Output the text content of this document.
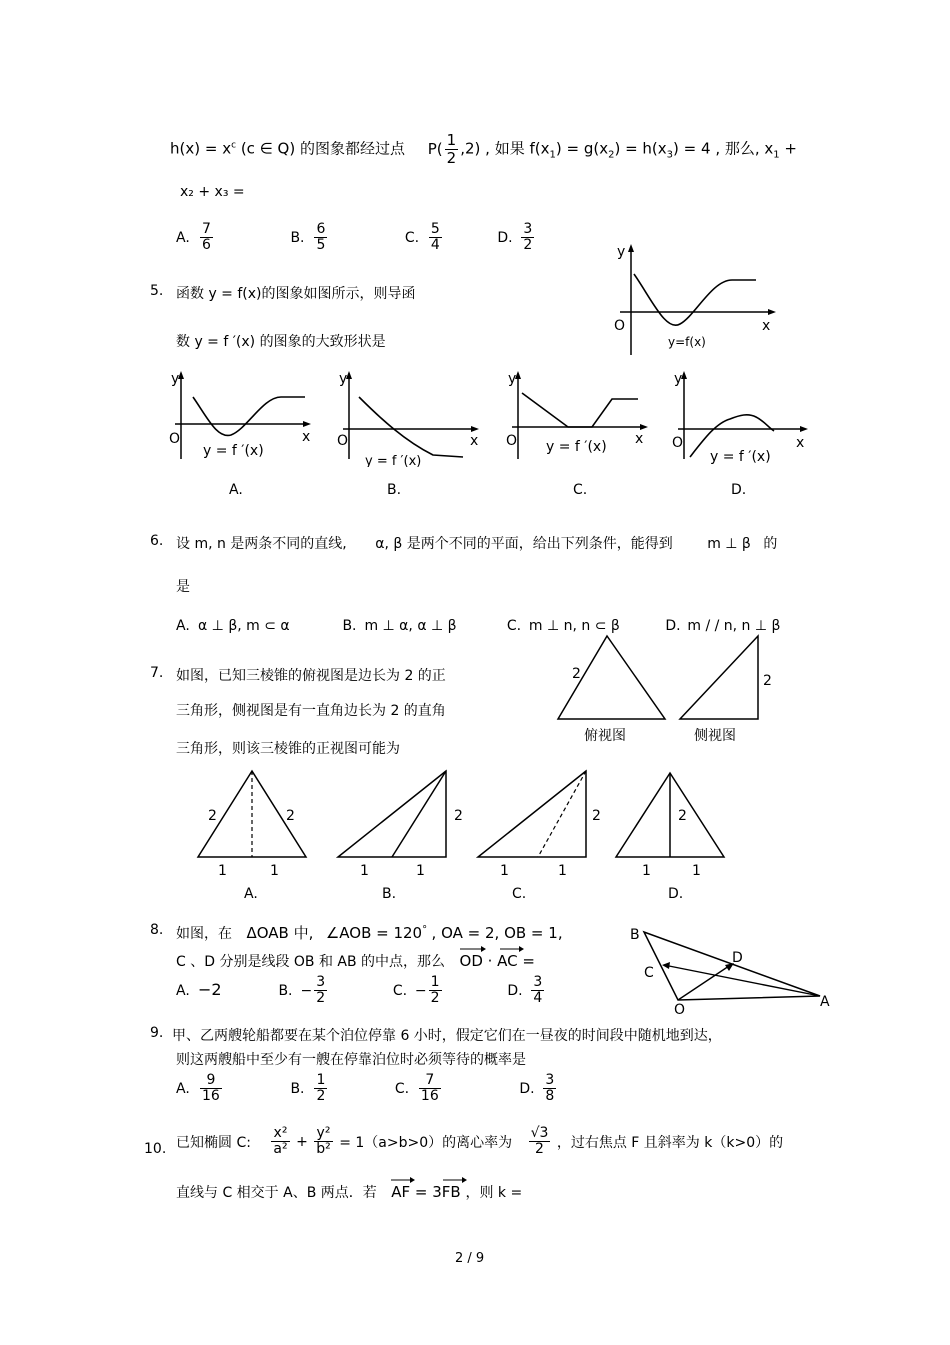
$h(x) = x^c$ (c ∈ Q) 的图象都经过点 $P( \frac{1}{2} ,2)$ , 如果 $f(x_1) = g(x_2) = h(x_3) = 4$ , 那么, $x_1$ +
x₂ + x₃ =
A. $\frac{7}{6}$	B. $\frac{6}{5}$	C. $\frac{5}{4}$	D. $\frac{3}{2}$
5. 函数 y = f(x)的图象如图所示，则导函
数 y = f ′(x) 的图象的大致形状是
y
x
O
y=f(x)
y
x
O
y = f ′(x)
A.
y
x
O
y = f ′(x)
B.
y
x
O y = f ′(x)
C.
y
x
O
y = f ′(x)
D.
6. 设 m, n 是两条不同的直线, α, β 是两个不同的平面，给出下列条件，能得到 m ⊥ β 的
是
A. α ⊥ β, m ⊂ α	B. m ⊥ α, α ⊥ β	C. m ⊥ n, n ⊂ β	D. m / / n, n ⊥ β
7. 如图，已知三棱锥的俯视图是边长为 2 的正
三角形，侧视图是有一直角边长为 2 的直角
三角形，则该三棱锥的正视图可能为
2
俯视图
2
侧视图
2	2
1	1
A.
2
1	1
B.
2
1	1
C.
2
1	1
D.
8. 如图，在 ΔOAB 中, ∠AOB = 120° , OA = 2, OB = 1,
C 、D 分别是线段 OB 和 AB 的中点，那么 OD · AC =
A. −2	B. − $\frac{3}{2}$	C. − $\frac{1}{2}$	D. $\frac{3}{4}$
B
C
D
O	A
9. 甲、乙两艘轮船都要在某个泊位停靠 6 小时，假定它们在一昼夜的时间段中随机地到达，
则这两艘船中至少有一艘在停靠泊位时必须等待的概率是
A. $\frac{9}{16}$	B. $\frac{1}{2}$	C. $\frac{7}{16}$	D. $\frac{3}{8}$
10. 已知椭圆 C: $\frac{\text{x²}}{\text{a²}} + \frac{\text{y²}}{\text{b²}} = 1(a>b>0)$的离心率为 $\frac{√3}{2}$ ，过右焦点 F 且斜率为 k（k>0）的
直线与 C 相交于 A、B 两点．若 AF = 3FB ，则 k =
2 / 9
